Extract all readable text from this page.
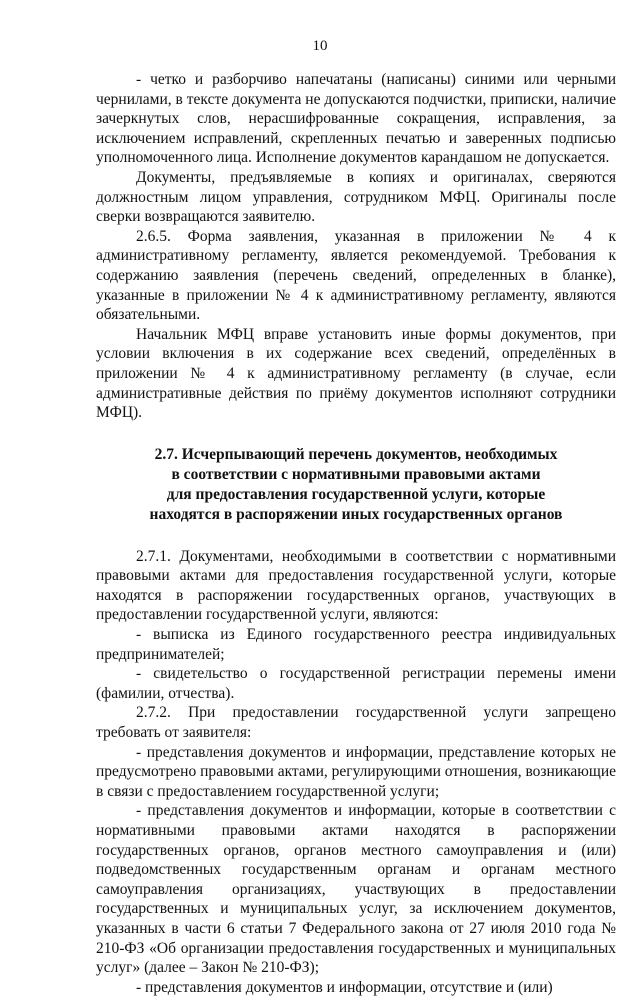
10

- четко и разборчиво напечатаны (написаны) синими или черными чернилами, в тексте документа не допускаются подчистки, приписки, наличие зачеркнутых слов, нерасшифрованные сокращения, исправления, за исключением исправлений, скрепленных печатью и заверенных подписью уполномоченного лица. Исполнение документов карандашом не допускается.

Документы, предъявляемые в копиях и оригиналах, сверяются должностным лицом управления, сотрудником МФЦ. Оригиналы после сверки возвращаются заявителю.

2.6.5. Форма заявления, указанная в приложении № 4 к административному регламенту, является рекомендуемой. Требования к содержанию заявления (перечень сведений, определенных в бланке), указанные в приложении № 4 к административному регламенту, являются обязательными.

Начальник МФЦ вправе установить иные формы документов, при условии включения в их содержание всех сведений, определённых в приложении № 4 к административному регламенту (в случае, если административные действия по приёму документов исполняют сотрудники МФЦ).

2.7. Исчерпывающий перечень документов, необходимых
в соответствии с нормативными правовыми актами
для предоставления государственной услуги, которые
находятся в распоряжении иных государственных органов

2.7.1. Документами, необходимыми в соответствии с нормативными правовыми актами для предоставления государственной услуги, которые находятся в распоряжении государственных органов, участвующих в предоставлении государственной услуги, являются:

- выписка из Единого государственного реестра индивидуальных предпринимателей;

- свидетельство о государственной регистрации перемены имени (фамилии, отчества).

2.7.2. При предоставлении государственной услуги запрещено требовать от заявителя:

- представления документов и информации, представление которых не предусмотрено правовыми актами, регулирующими отношения, возникающие в связи с предоставлением государственной услуги;

- представления документов и информации, которые в соответствии с нормативными правовыми актами находятся в распоряжении государственных органов, органов местного самоуправления и (или) подведомственных государственным органам и органам местного самоуправления организациях, участвующих в предоставлении государственных и муниципальных услуг, за исключением документов, указанных в части 6 статьи 7 Федерального закона от 27 июля 2010 года № 210-ФЗ «Об организации предоставления государственных и муниципальных услуг» (далее – Закон № 210-ФЗ);

- представления документов и информации, отсутствие и (или)
